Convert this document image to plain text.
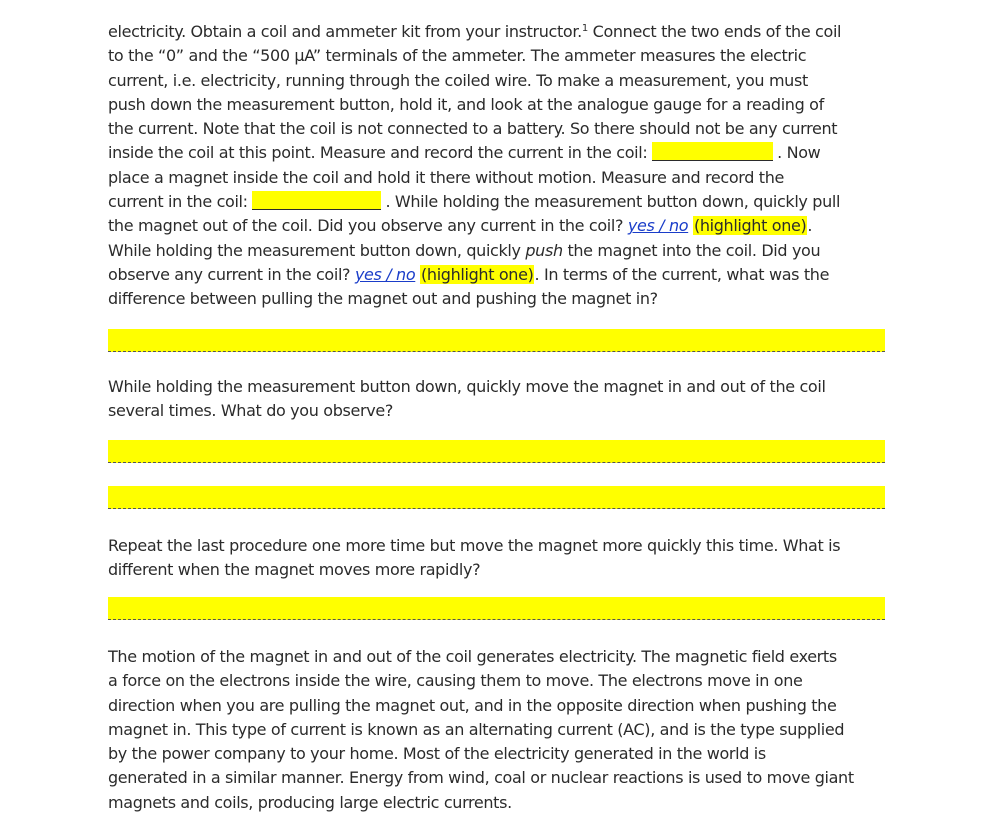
electricity. Obtain a coil and ammeter kit from your instructor.$^1$ Connect the two ends of the coil
to the “0” and the “500 μA” terminals of the ammeter. The ammeter measures the electric
current, i.e. electricity, running through the coiled wire. To make a measurement, you must
push down the measurement button, hold it, and look at the analogue gauge for a reading of
the current. Note that the coil is not connected to a battery. So there should not be any current
inside the coil at this point. Measure and record the current in the coil:	. Now
place a magnet inside the coil and hold it there without motion. Measure and record the
current in the coil:	. While holding the measurement button down, quickly pull
the magnet out of the coil. Did you observe any current in the coil? yes / no (highlight one).
While holding the measurement button down, quickly push the magnet into the coil. Did you
observe any current in the coil? yes / no (highlight one). In terms of the current, what was the
difference between pulling the magnet out and pushing the magnet in?

While holding the measurement button down, quickly move the magnet in and out of the coil
several times. What do you observe?

Repeat the last procedure one more time but move the magnet more quickly this time. What is
different when the magnet moves more rapidly?

The motion of the magnet in and out of the coil generates electricity. The magnetic field exerts
a force on the electrons inside the wire, causing them to move. The electrons move in one
direction when you are pulling the magnet out, and in the opposite direction when pushing the
magnet in. This type of current is known as an alternating current (AC), and is the type supplied
by the power company to your home. Most of the electricity generated in the world is
generated in a similar manner. Energy from wind, coal or nuclear reactions is used to move giant
magnets and coils, producing large electric currents.
